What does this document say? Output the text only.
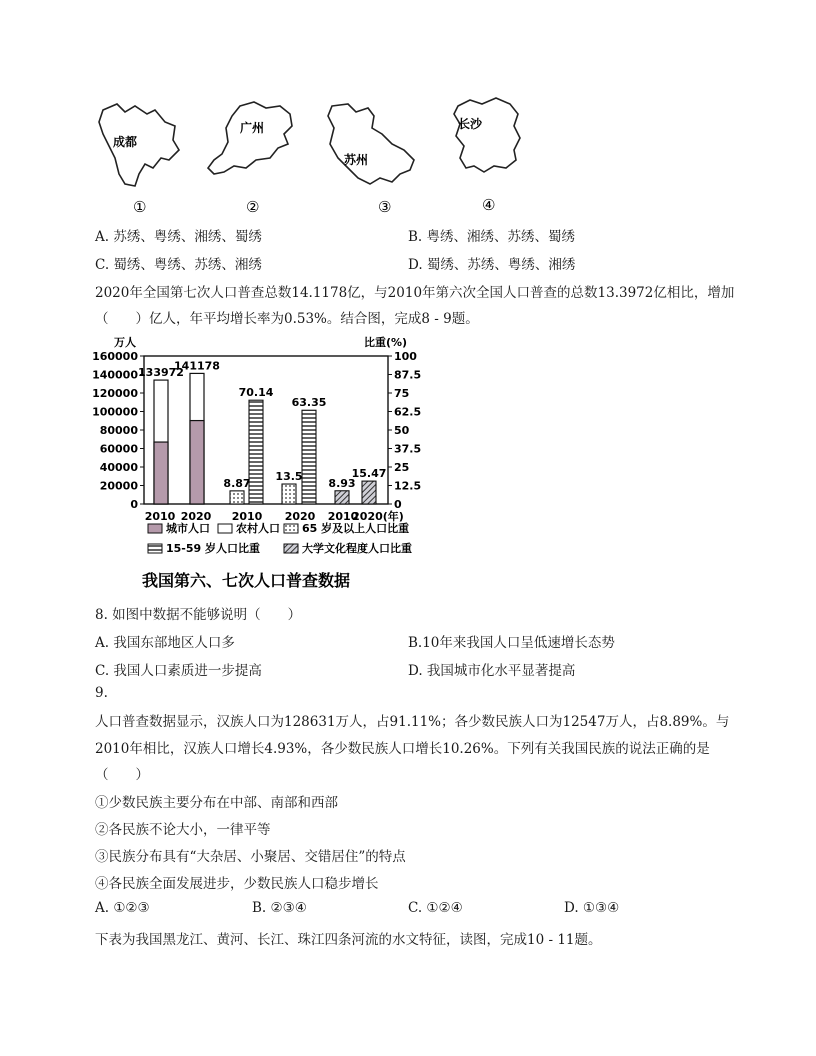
成都
①
广州
②
苏州
③
长沙
④
A. 苏绣、粤绣、湘绣、蜀绣	B. 粤绣、湘绣、苏绣、蜀绣
C. 蜀绣、粤绣、苏绣、湘绣	D. 蜀绣、苏绣、粤绣、湘绣
2020年全国第七次人口普查总数14.1178亿，与2010年第六次全国人口普查的总数13.3972亿相比，增加
（　　）亿人，年平均增长率为0.53%。结合图，完成8 - 9题。
万人	比重(%)
160000
140000
120000
100000
80000
60000
40000
20000
0
100
87.5
75
62.5
50
37.5
25
12.5
0
133972
141178
8.87
70.14
13.5
63.35
8.93
15.47
2010 2020 2010 2020 2010
2020(年)
城市人口 农村人口 65 岁及以上人口比重
15-59 岁人口比重	大学文化程度人口比重
我国第六、七次人口普查数据
8. 如图中数据不能够说明（　　）
A. 我国东部地区人口多	B.10年来我国人口呈低速增长态势
C. 我国人口素质进一步提高	D. 我国城市化水平显著提高
9.
人口普查数据显示，汉族人口为128631万人，占91.11%；各少数民族人口为12547万人，占8.89%。与
2010年相比，汉族人口增长4.93%，各少数民族人口增长10.26%。下列有关我国民族的说法正确的是
（　　）
①少数民族主要分布在中部、南部和西部
②各民族不论大小，一律平等
③民族分布具有“大杂居、小聚居、交错居住”的特点
④各民族全面发展进步，少数民族人口稳步增长
A. ①②③	B. ②③④	C. ①②④	D. ①③④
下表为我国黑龙江、黄河、长江、珠江四条河流的水文特征，读图，完成10 - 11题。
